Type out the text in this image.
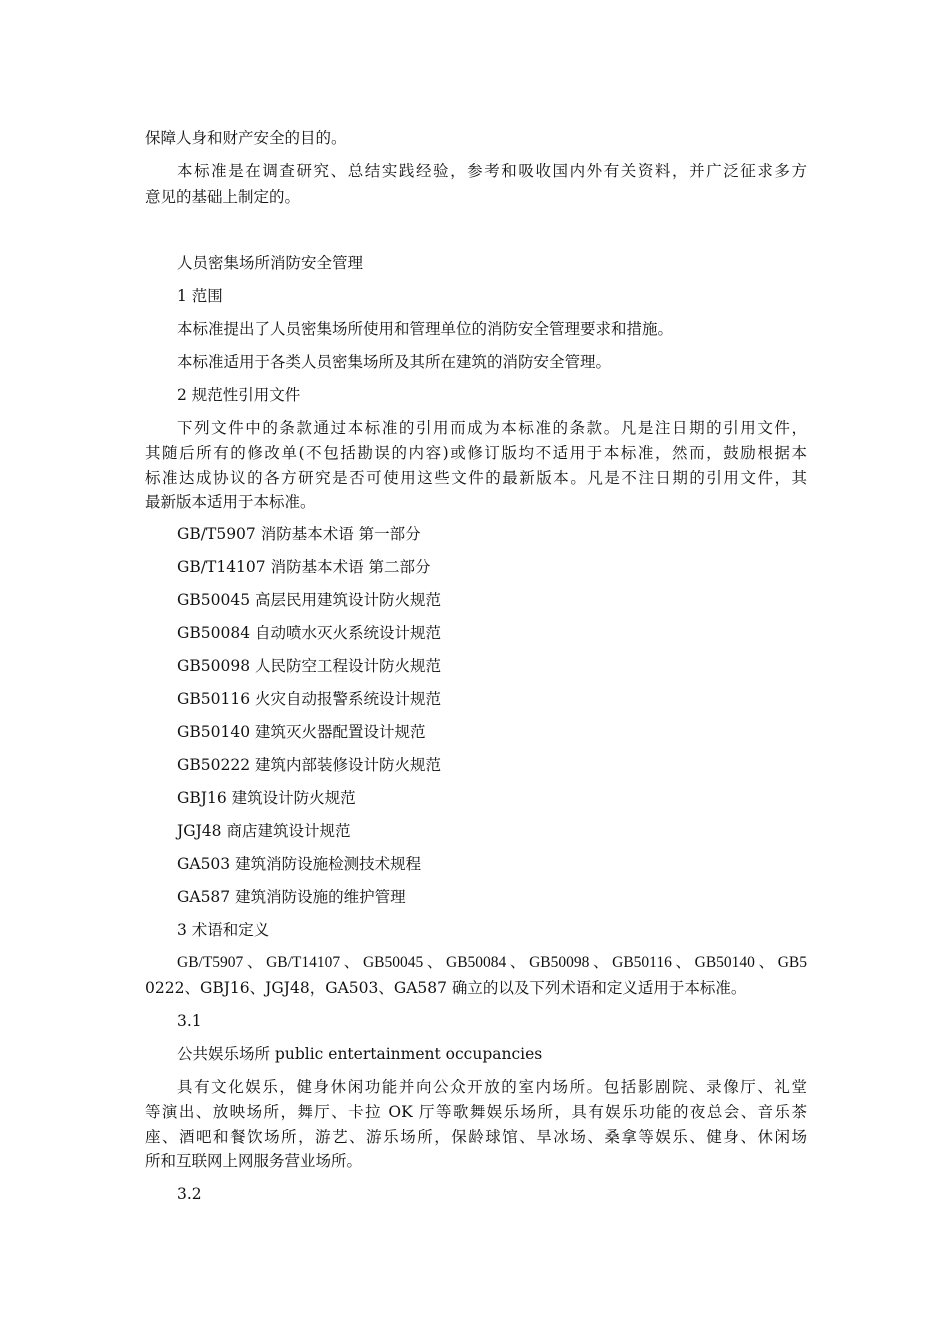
保障人身和财产安全的目的。
本标准是在调查研究、总结实践经验，参考和吸收国内外有关资料，并广泛征求多方
意见的基础上制定的。
人员密集场所消防安全管理
1 范围
本标准提出了人员密集场所使用和管理单位的消防安全管理要求和措施。
本标准适用于各类人员密集场所及其所在建筑的消防安全管理。
2 规范性引用文件
下列文件中的条款通过本标准的引用而成为本标准的条款。凡是注日期的引用文件，
其随后所有的修改单(不包括勘误的内容)或修订版均不适用于本标准，然而，鼓励根据本
标准达成协议的各方研究是否可使用这些文件的最新版本。凡是不注日期的引用文件，其
最新版本适用于本标准。
GB/T5907 消防基本术语 第一部分
GB/T14107 消防基本术语 第二部分
GB50045 高层民用建筑设计防火规范
GB50084 自动喷水灭火系统设计规范
GB50098 人民防空工程设计防火规范
GB50116 火灾自动报警系统设计规范
GB50140 建筑灭火器配置设计规范
GB50222 建筑内部装修设计防火规范
GBJ16 建筑设计防火规范
JGJ48 商店建筑设计规范
GA503 建筑消防设施检测技术规程
GA587 建筑消防设施的维护管理
3 术语和定义
GB/T5907、GB/T14107、GB50045、GB50084、GB50098、GB50116、GB50140、GB5
0222、GBJ16、JGJ48，GA503、GA587 确立的以及下列术语和定义适用于本标准。
3.1
公共娱乐场所 public entertainment occupancies
具有文化娱乐，健身休闲功能并向公众开放的室内场所。包括影剧院、录像厅、礼堂
等演出、放映场所，舞厅、卡拉 OK 厅等歌舞娱乐场所，具有娱乐功能的夜总会、音乐茶
座、酒吧和餐饮场所，游艺、游乐场所，保龄球馆、旱冰场、桑拿等娱乐、健身、休闲场
所和互联网上网服务营业场所。
3.2
